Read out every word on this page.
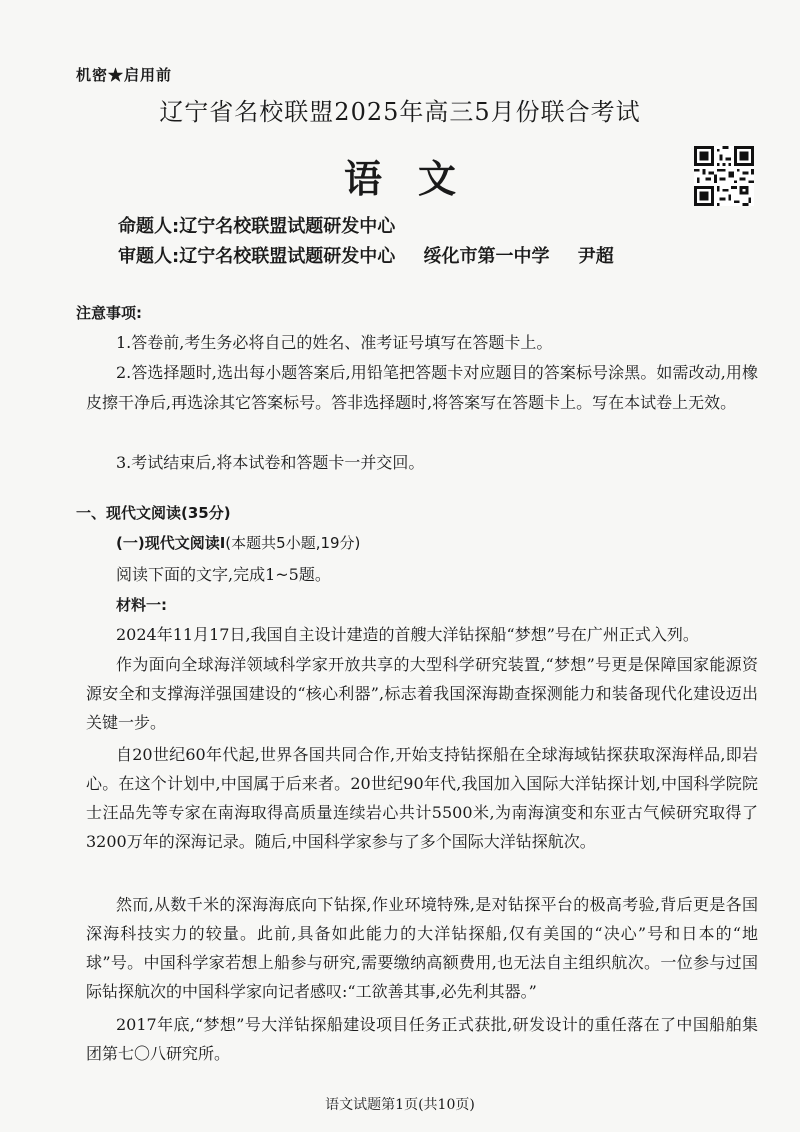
机密★启用前
辽宁省名校联盟2025年高三5月份联合考试
语文
命题人:辽宁名校联盟试题研发中心
审题人:辽宁名校联盟试题研发中心 绥化市第一中学 尹超
注意事项:

1.答卷前,考生务必将自己的姓名、准考证号填写在答题卡上。

2.答选择题时,选出每小题答案后,用铅笔把答题卡对应题目的答案标号涂黑。如需改动,用橡皮擦干净后,再选涂其它答案标号。答非选择题时,将答案写在答题卡上。写在本试卷上无效。

3.考试结束后,将本试卷和答题卡一并交回。

一、现代文阅读(35分)
(一)现代文阅读Ⅰ(本题共5小题,19分)
阅读下面的文字,完成1~5题。
材料一:

2024年11月17日,我国自主设计建造的首艘大洋钻探船“梦想”号在广州正式入列。

作为面向全球海洋领域科学家开放共享的大型科学研究装置,“梦想”号更是保障国家能源资源安全和支撑海洋强国建设的“核心利器”,标志着我国深海勘查探测能力和装备现代化建设迈出关键一步。

自20世纪60年代起,世界各国共同合作,开始支持钻探船在全球海域钻探获取深海样品,即岩心。在这个计划中,中国属于后来者。20世纪90年代,我国加入国际大洋钻探计划,中国科学院院士汪品先等专家在南海取得高质量连续岩心共计5500米,为南海演变和东亚古气候研究取得了3200万年的深海记录。随后,中国科学家参与了多个国际大洋钻探航次。

然而,从数千米的深海海底向下钻探,作业环境特殊,是对钻探平台的极高考验,背后更是各国深海科技实力的较量。此前,具备如此能力的大洋钻探船,仅有美国的“决心”号和日本的“地球”号。中国科学家若想上船参与研究,需要缴纳高额费用,也无法自主组织航次。一位参与过国际钻探航次的中国科学家向记者感叹:“工欲善其事,必先利其器。”

2017年底,“梦想”号大洋钻探船建设项目任务正式获批,研发设计的重任落在了中国船舶集团第七〇八研究所。

语文试题第1页(共10页)
